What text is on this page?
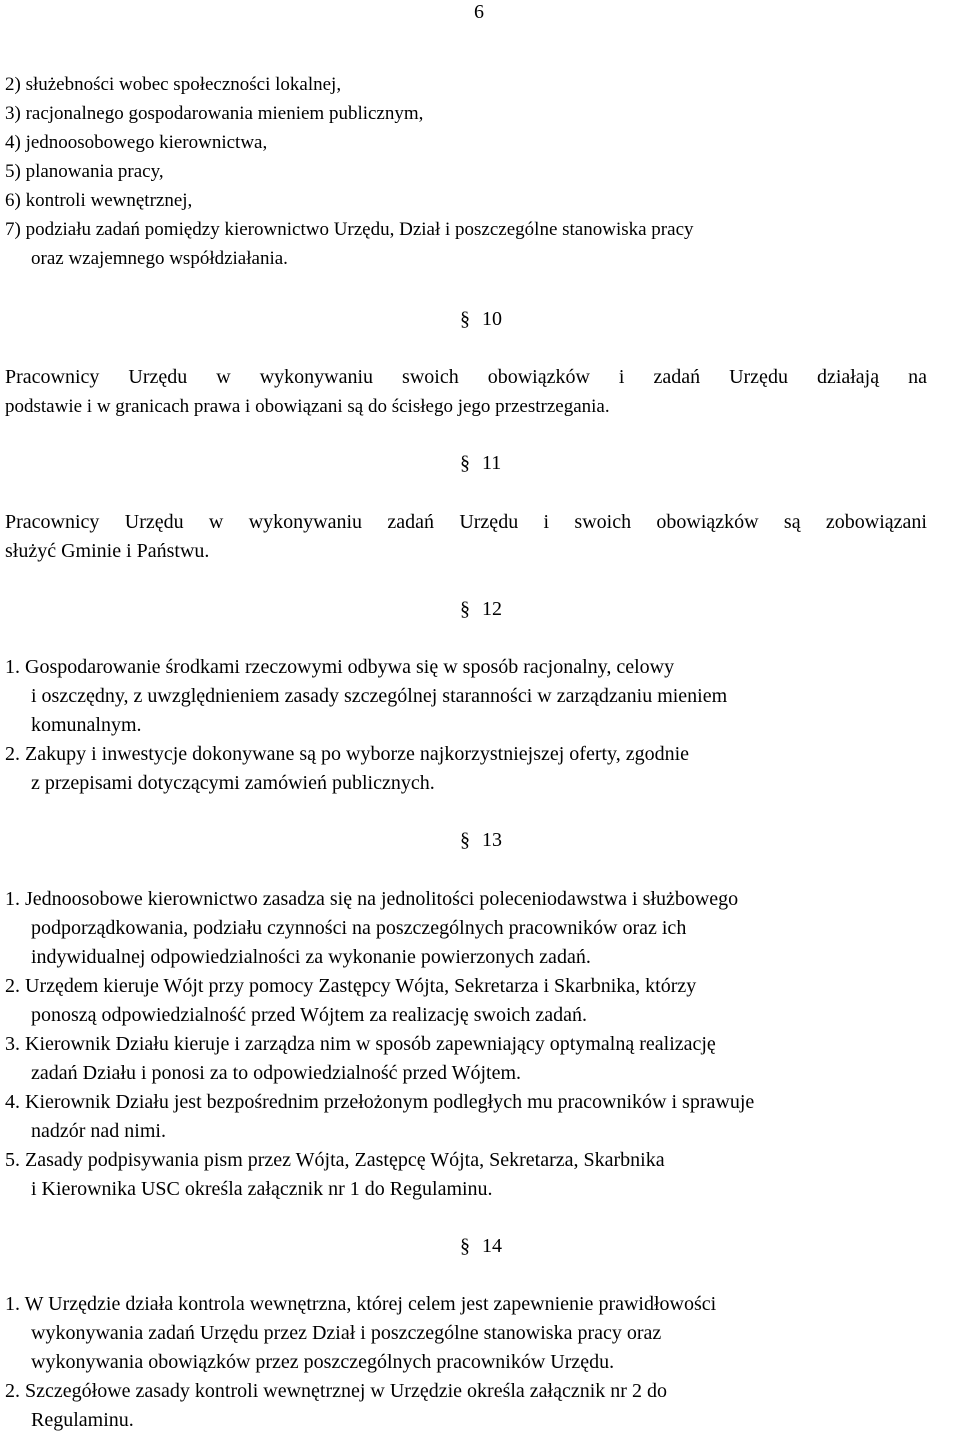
6
2) służebności wobec społeczności lokalnej,
3) racjonalnego gospodarowania mieniem publicznym,
4) jednoosobowego kierownictwa,
5) planowania pracy,
6) kontroli wewnętrznej,
7) podziału zadań pomiędzy kierownictwo Urzędu, Dział i poszczególne stanowiska pracy
oraz wzajemnego współdziałania.
§ 10
Pracownicy Urzędu w wykonywaniu swoich obowiązków i zadań Urzędu działają na
podstawie i w granicach prawa i obowiązani są do ścisłego jego przestrzegania.
§ 11
Pracownicy Urzędu w wykonywaniu zadań Urzędu i swoich obowiązków są zobowiązani
służyć Gminie i Państwu.
§ 12
1. Gospodarowanie środkami rzeczowymi odbywa się w sposób racjonalny, celowy
i oszczędny, z uwzględnieniem zasady szczególnej staranności w zarządzaniu mieniem
komunalnym.
2. Zakupy i inwestycje dokonywane są po wyborze najkorzystniejszej oferty, zgodnie
z przepisami dotyczącymi zamówień publicznych.
§ 13
1. Jednoosobowe kierownictwo zasadza się na jednolitości poleceniodawstwa i służbowego
podporządkowania, podziału czynności na poszczególnych pracowników oraz ich
indywidualnej odpowiedzialności za wykonanie powierzonych zadań.
2. Urzędem kieruje Wójt przy pomocy Zastępcy Wójta, Sekretarza i Skarbnika, którzy
ponoszą odpowiedzialność przed Wójtem za realizację swoich zadań.
3. Kierownik Działu kieruje i zarządza nim w sposób zapewniający optymalną realizację
zadań Działu i ponosi za to odpowiedzialność przed Wójtem.
4. Kierownik Działu jest bezpośrednim przełożonym podległych mu pracowników i sprawuje
nadzór nad nimi.
5. Zasady podpisywania pism przez Wójta, Zastępcę Wójta, Sekretarza, Skarbnika
i Kierownika USC określa załącznik nr 1 do Regulaminu.
§ 14
1. W Urzędzie działa kontrola wewnętrzna, której celem jest zapewnienie prawidłowości
wykonywania zadań Urzędu przez Dział i poszczególne stanowiska pracy oraz
wykonywania obowiązków przez poszczególnych pracowników Urzędu.
2. Szczegółowe zasady kontroli wewnętrznej w Urzędzie określa załącznik nr 2 do
Regulaminu.
